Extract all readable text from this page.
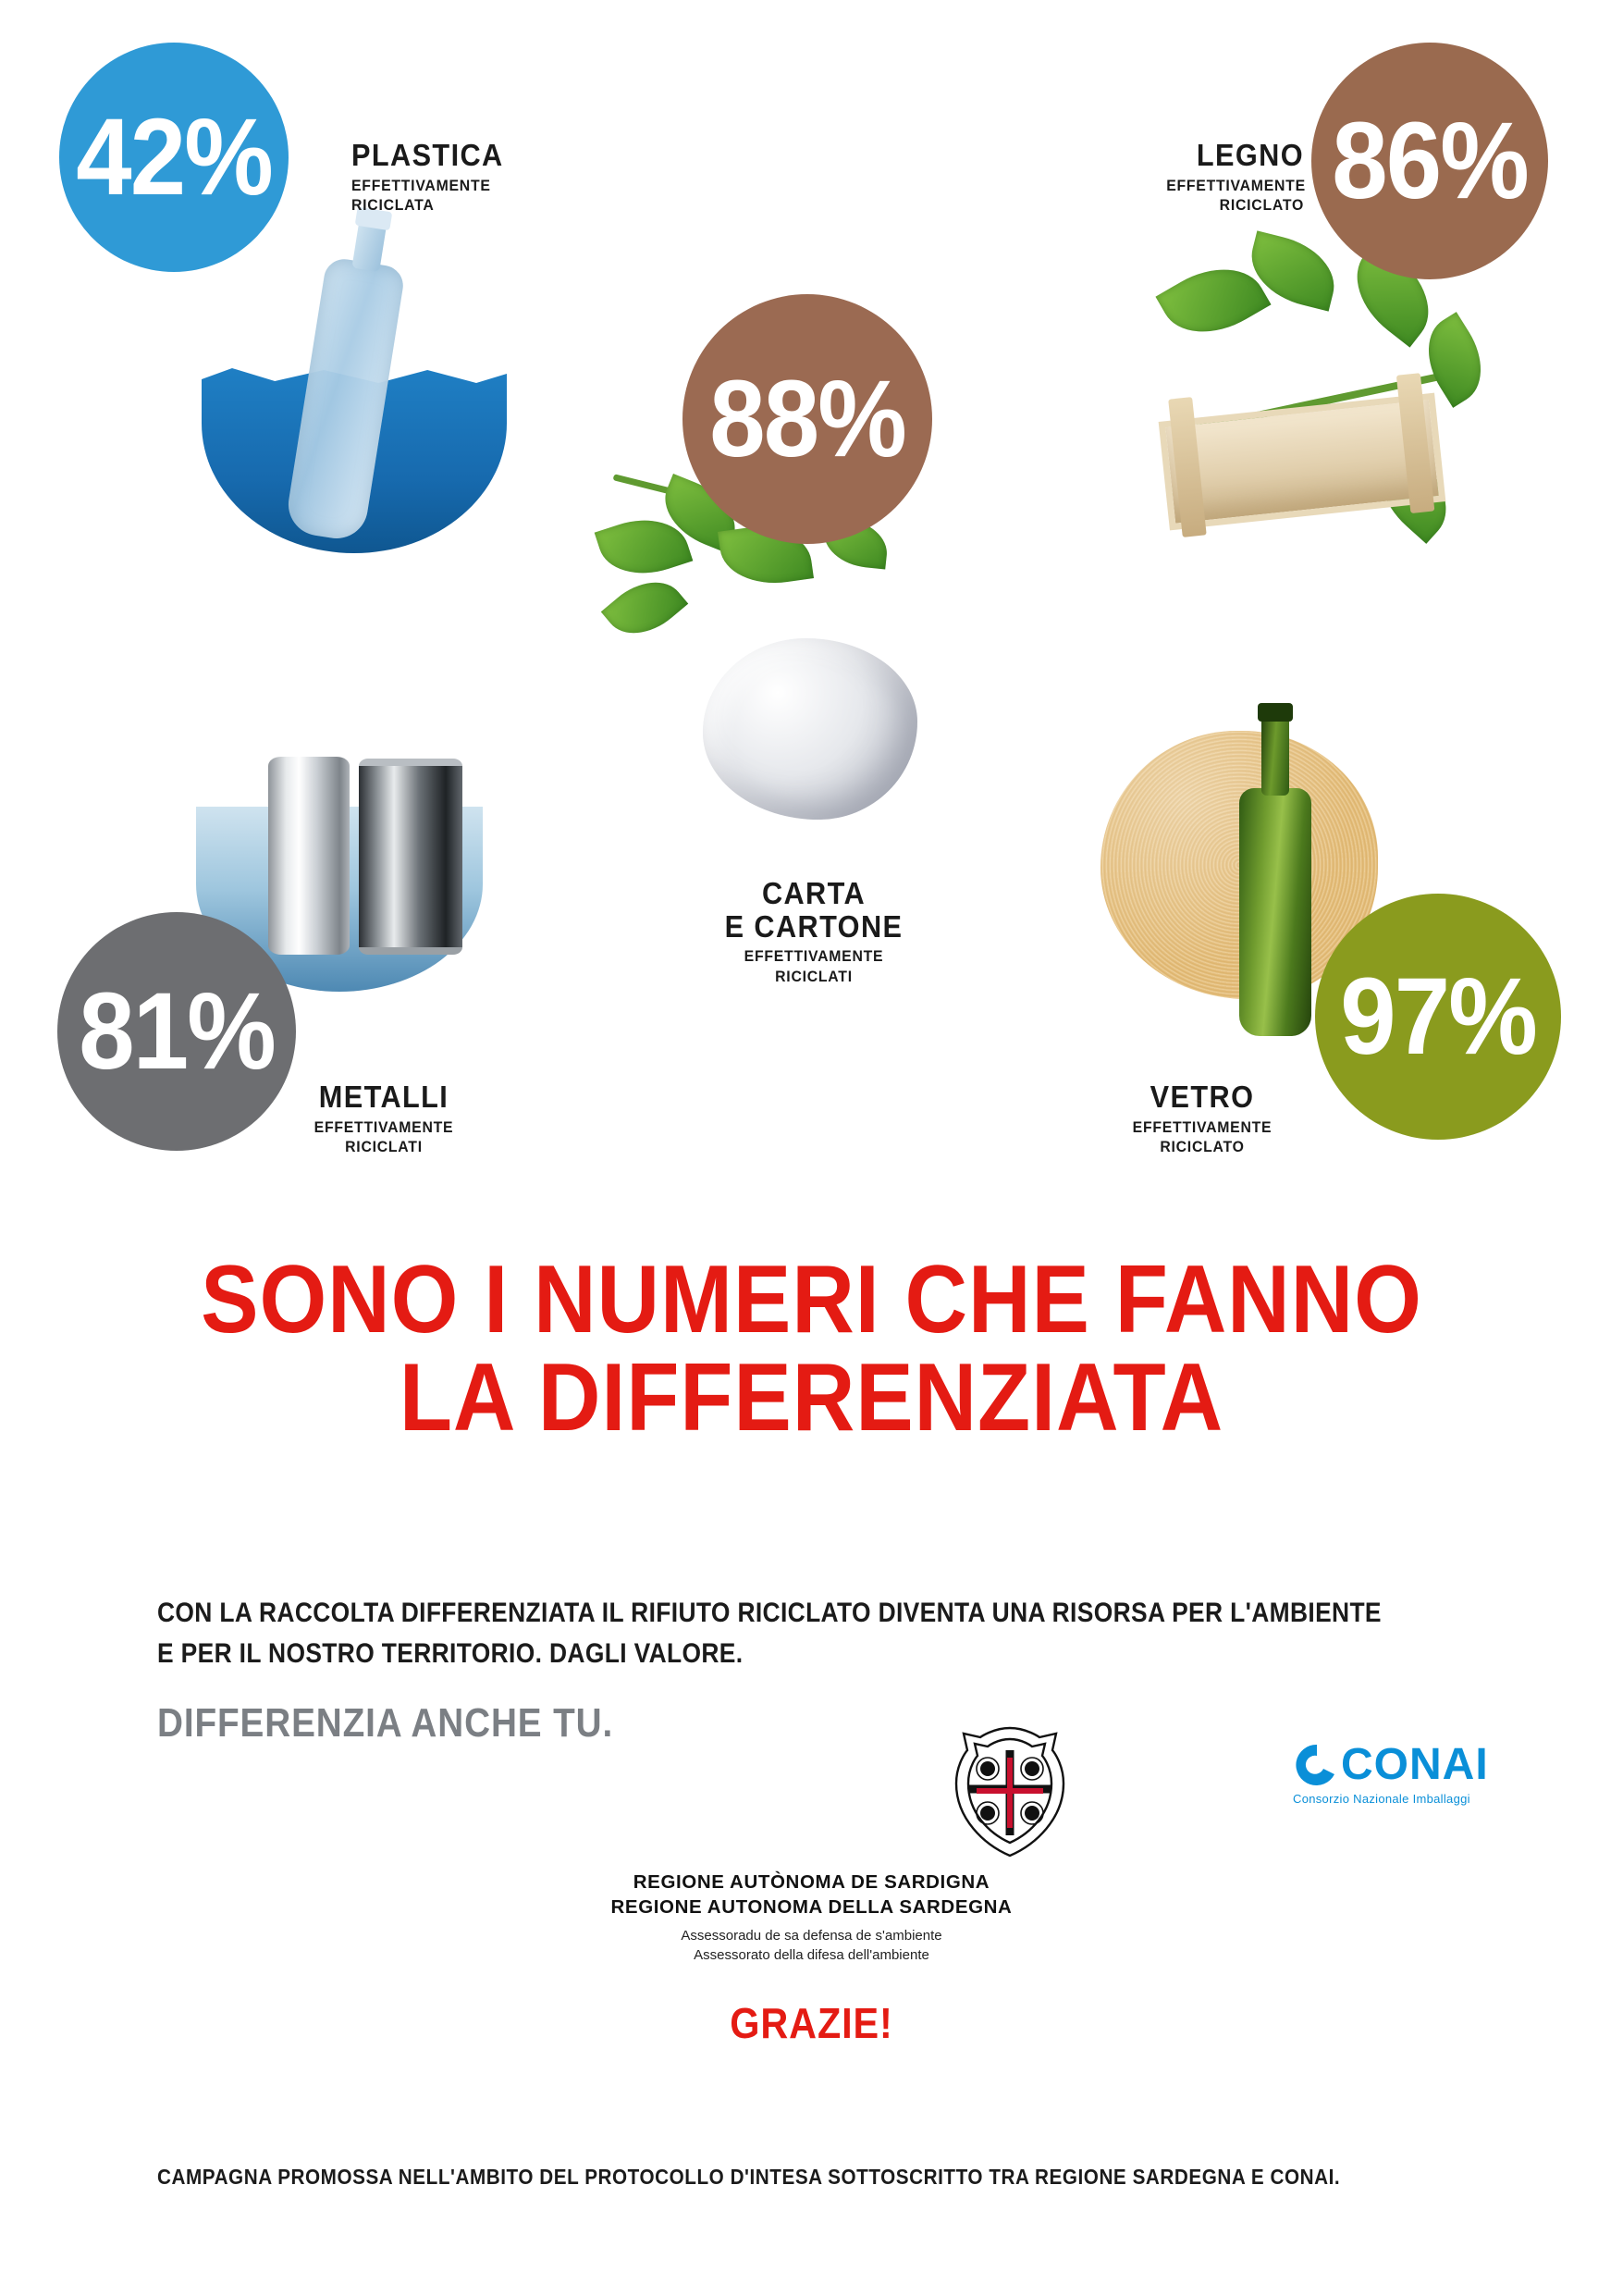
42%	PLASTICA
EFFETTIVAMENTE
RICICLATA
88%
CARTA
E CARTONE
EFFETTIVAMENTE
RICICLATI
86%
LEGNO
EFFETTIVAMENTE
RICICLATO
81%
METALLI
EFFETTIVAMENTE
RICICLATI
97%
VETRO
EFFETTIVAMENTE
RICICLATO
SONO I NUMERI CHE FANNO
LA DIFFERENZIATA
CON LA RACCOLTA DIFFERENZIATA IL RIFIUTO RICICLATO DIVENTA UNA RISORSA PER L'AMBIENTE
E PER IL NOSTRO TERRITORIO. DAGLI VALORE.
DIFFERENZIA ANCHE TU.
REGIONE AUTÒNOMA DE SARDIGNA
REGIONE AUTONOMA DELLA SARDEGNA
Assessoradu de sa defensa de s'ambiente
Assessorato della difesa dell'ambiente
CONAI
Consorzio Nazionale Imballaggi
GRAZIE!
CAMPAGNA PROMOSSA NELL'AMBITO DEL PROTOCOLLO D'INTESA SOTTOSCRITTO TRA REGIONE SARDEGNA E CONAI.
